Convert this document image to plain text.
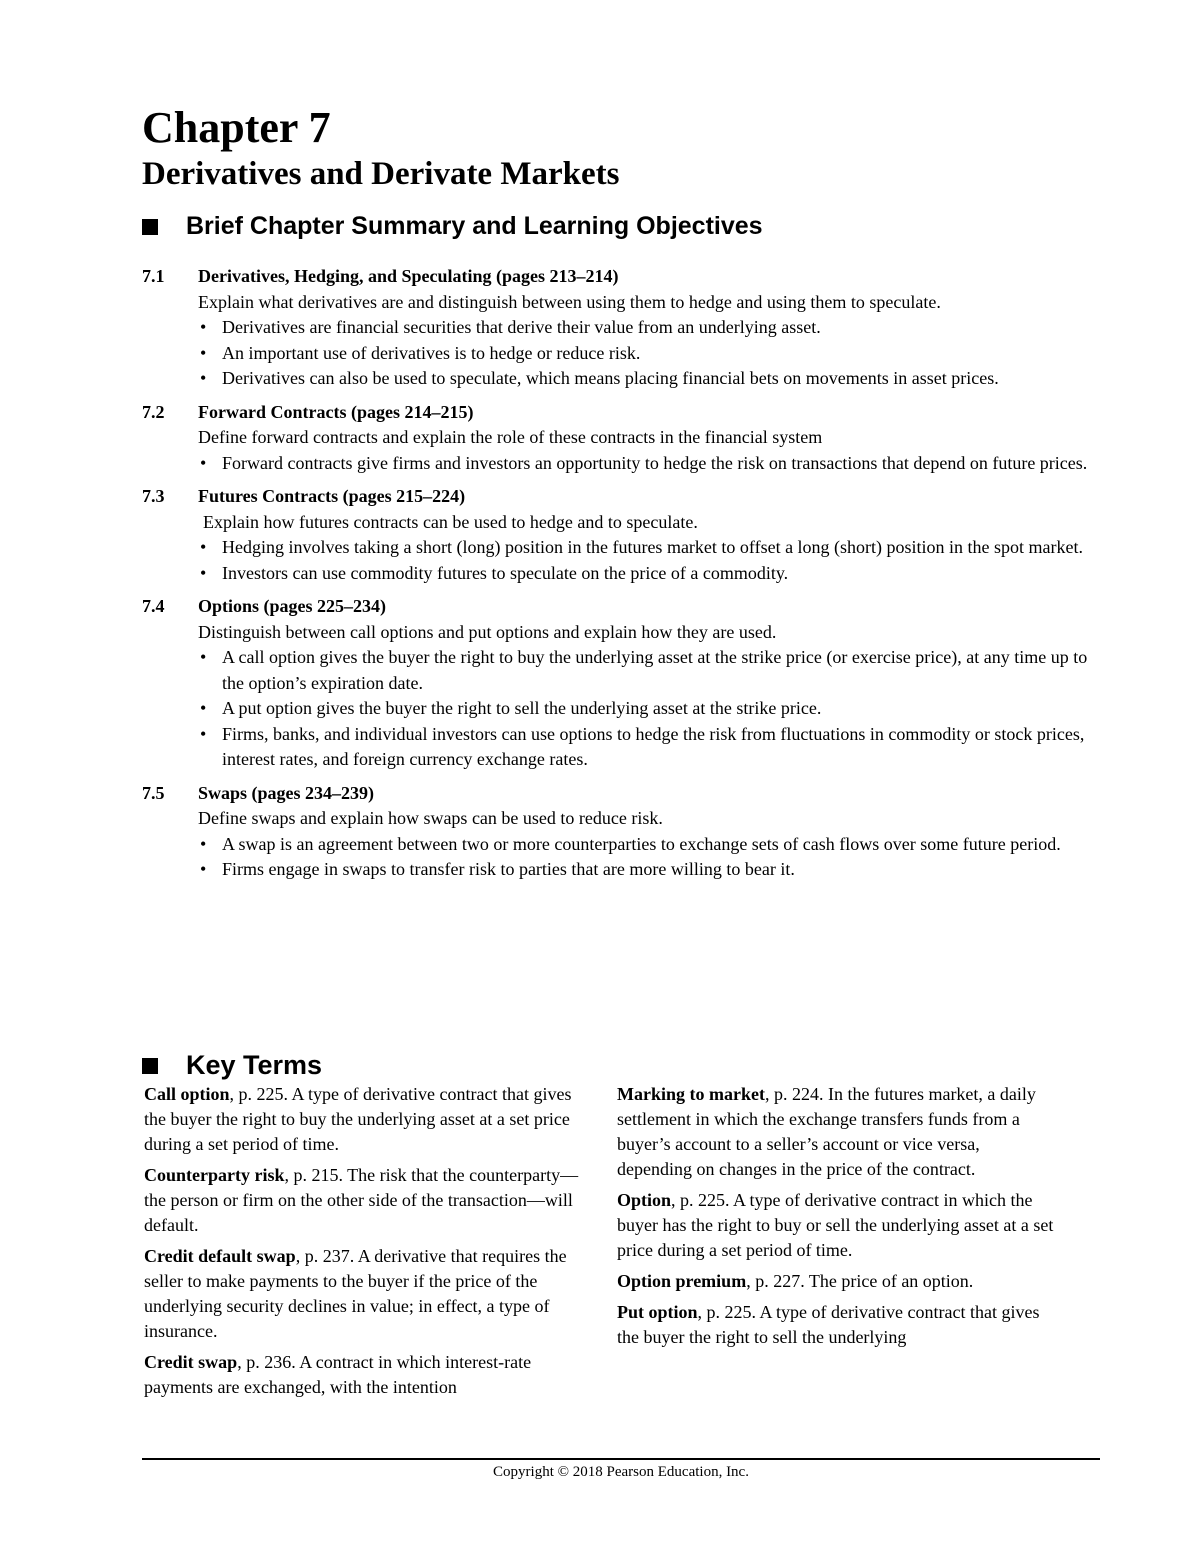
Chapter 7
Derivatives and Derivate Markets
Brief Chapter Summary and Learning Objectives
7.1	Derivatives, Hedging, and Speculating (pages 213–214)

Explain what derivatives are and distinguish between using them to hedge and using them to speculate.

• Derivatives are financial securities that derive their value from an underlying asset.
• An important use of derivatives is to hedge or reduce risk.
• Derivatives can also be used to speculate, which means placing financial bets on movements in asset prices.
7.2	Forward Contracts (pages 214–215)

Define forward contracts and explain the role of these contracts in the financial system

• Forward contracts give firms and investors an opportunity to hedge the risk on transactions that depend on future prices.
7.3	Futures Contracts (pages 215–224)

Explain how futures contracts can be used to hedge and to speculate.

• Hedging involves taking a short (long) position in the futures market to offset a long (short) position in the spot market.
• Investors can use commodity futures to speculate on the price of a commodity.
7.4	Options (pages 225–234)

Distinguish between call options and put options and explain how they are used.

• A call option gives the buyer the right to buy the underlying asset at the strike price (or exercise price), at any time up to the option’s expiration date.
• A put option gives the buyer the right to sell the underlying asset at the strike price.
• Firms, banks, and individual investors can use options to hedge the risk from fluctuations in commodity or stock prices, interest rates, and foreign currency exchange rates.
7.5	Swaps (pages 234–239)

Define swaps and explain how swaps can be used to reduce risk.

• A swap is an agreement between two or more counterparties to exchange sets of cash flows over some future period.
• Firms engage in swaps to transfer risk to parties that are more willing to bear it.
Key Terms

Call option, p. 225. A type of derivative contract that gives the buyer the right to buy the underlying asset at a set price during a set period of time.

Counterparty risk, p. 215. The risk that the counterparty—the person or firm on the other side of the transaction—will default.

Credit default swap, p. 237. A derivative that requires the seller to make payments to the buyer if the price of the underlying security declines in value; in effect, a type of insurance.

Credit swap, p. 236. A contract in which interest-rate payments are exchanged, with the intention

Marking to market, p. 224. In the futures market, a daily settlement in which the exchange transfers funds from a buyer’s account to a seller’s account or vice versa, depending on changes in the price of the contract.

Option, p. 225. A type of derivative contract in which the buyer has the right to buy or sell the underlying asset at a set price during a set period of time.

Option premium, p. 227. The price of an option.

Put option, p. 225. A type of derivative contract that gives the buyer the right to sell the underlying

Copyright © 2018 Pearson Education, Inc.
